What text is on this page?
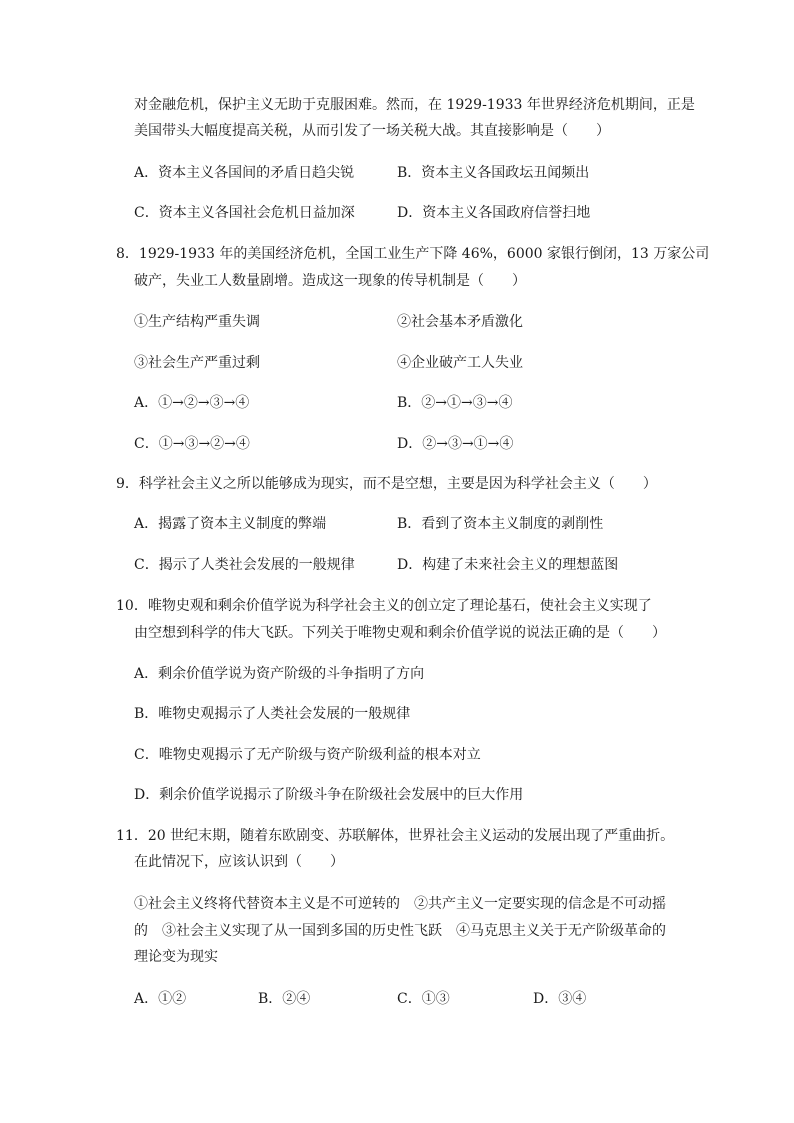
对金融危机，保护主义无助于克服困难。然而，在 1929-1933 年世界经济危机期间，正是
美国带头大幅度提高关税，从而引发了一场关税大战。其直接影响是（　　）
A．资本主义各国间的矛盾日趋尖锐	B．资本主义各国政坛丑闻频出
C．资本主义各国社会危机日益加深	D．资本主义各国政府信誉扫地
8．1929-1933 年的美国经济危机，全国工业生产下降 46%，6000 家银行倒闭，13 万家公司
破产，失业工人数量剧增。造成这一现象的传导机制是（　　）
①生产结构严重失调	②社会基本矛盾激化
③社会生产严重过剩	④企业破产工人失业
A．①→②→③→④	B．②→①→③→④
C．①→③→②→④	D．②→③→①→④
9．科学社会主义之所以能够成为现实，而不是空想，主要是因为科学社会主义（　　）
A．揭露了资本主义制度的弊端	B．看到了资本主义制度的剥削性
C．揭示了人类社会发展的一般规律	D．构建了未来社会主义的理想蓝图
10．唯物史观和剩余价值学说为科学社会主义的创立定了理论基石，使社会主义实现了
由空想到科学的伟大飞跃。下列关于唯物史观和剩余价值学说的说法正确的是（　　）
A．剩余价值学说为资产阶级的斗争指明了方向
B．唯物史观揭示了人类社会发展的一般规律
C．唯物史观揭示了无产阶级与资产阶级利益的根本对立
D．剩余价值学说揭示了阶级斗争在阶级社会发展中的巨大作用
11．20 世纪末期，随着东欧剧变、苏联解体，世界社会主义运动的发展出现了严重曲折。
在此情况下，应该认识到（　　）
①社会主义终将代替资本主义是不可逆转的　②共产主义一定要实现的信念是不可动摇
的　③社会主义实现了从一国到多国的历史性飞跃　④马克思主义关于无产阶级革命的
理论变为现实
A．①②	B．②④	C．①③	D．③④
